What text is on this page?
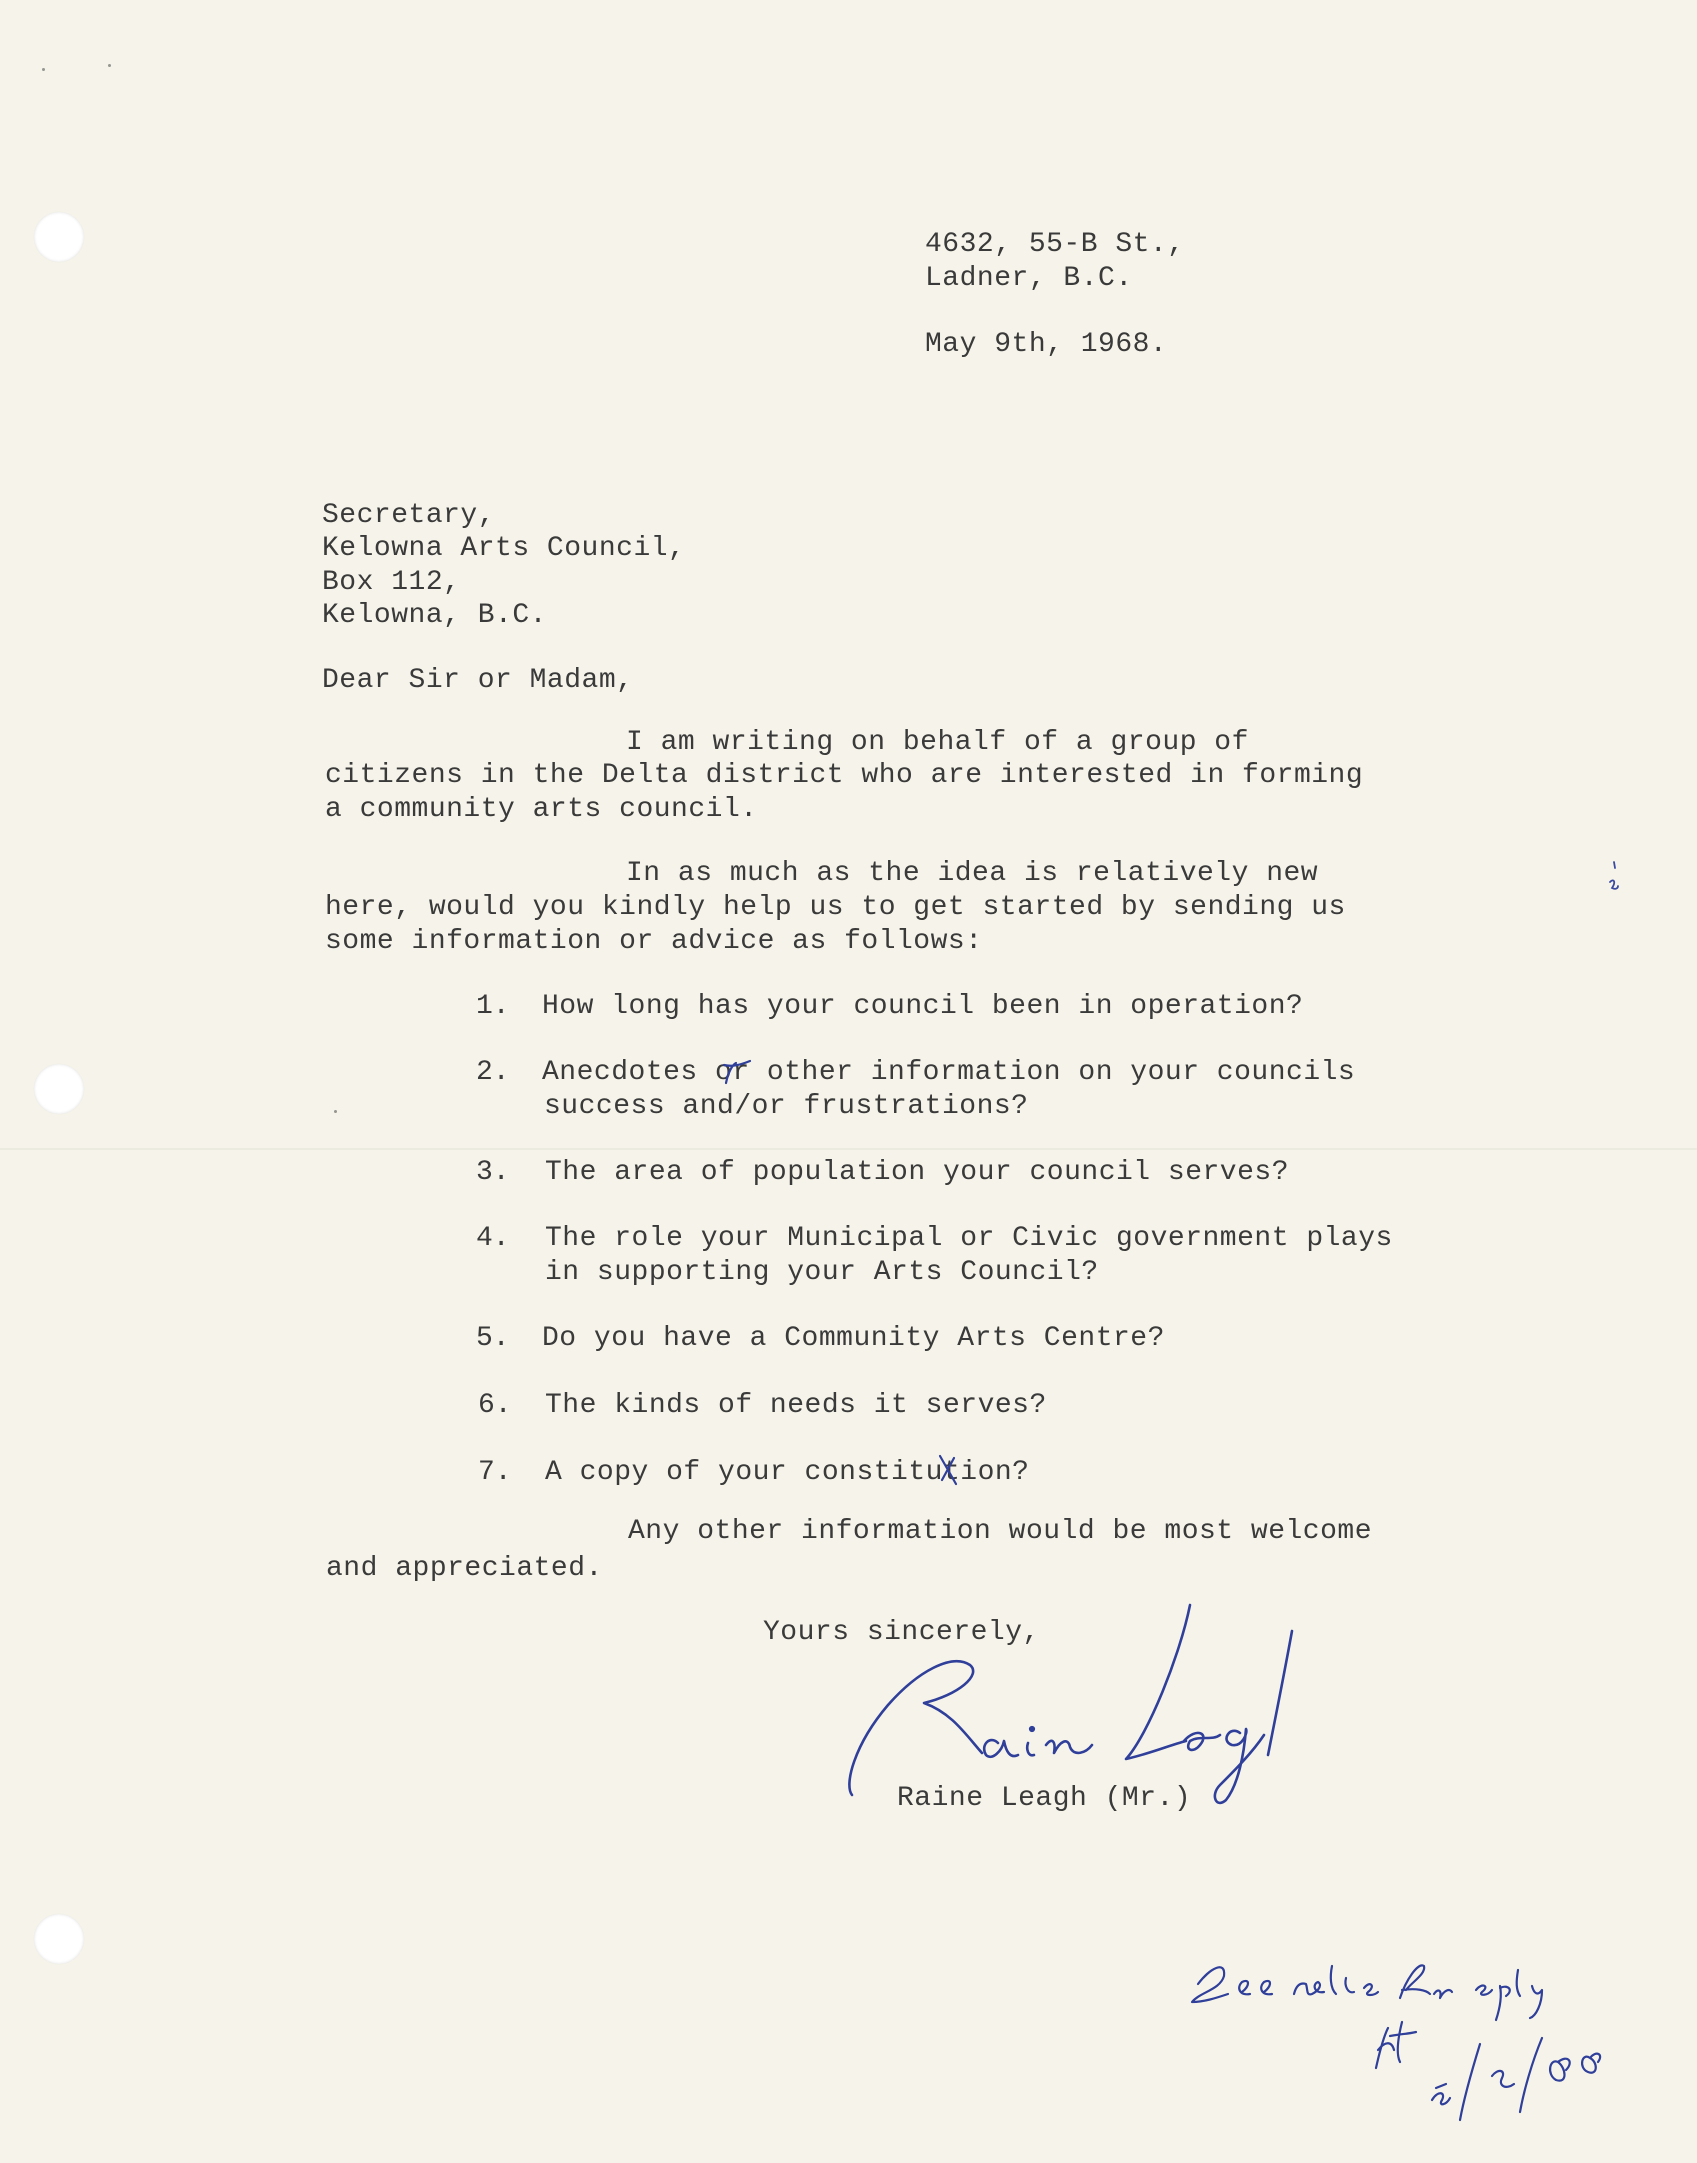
4632, 55-B St.,
Ladner, B.C.
May 9th, 1968.
Secretary,
Kelowna Arts Council,
Box 112,
Kelowna, B.C.
Dear Sir or Madam,
I am writing on behalf of a group of
citizens in the Delta district who are interested in forming
a community arts council.
In as much as the idea is relatively new
here, would you kindly help us to get started by sending us
some information or advice as follows:
1. How long has your council been in operation?
2. Anecdotes or other information on your councils
success and/or frustrations?
3. The area of population your council serves?
4. The role your Municipal or Civic government plays
in supporting your Arts Council?
5. Do you have a Community Arts Centre?
6. The kinds of needs it serves?
7. A copy of your constitution?
Any other information would be most welcome
and appreciated.
Yours sincerely,
Raine Leagh (Mr.)
